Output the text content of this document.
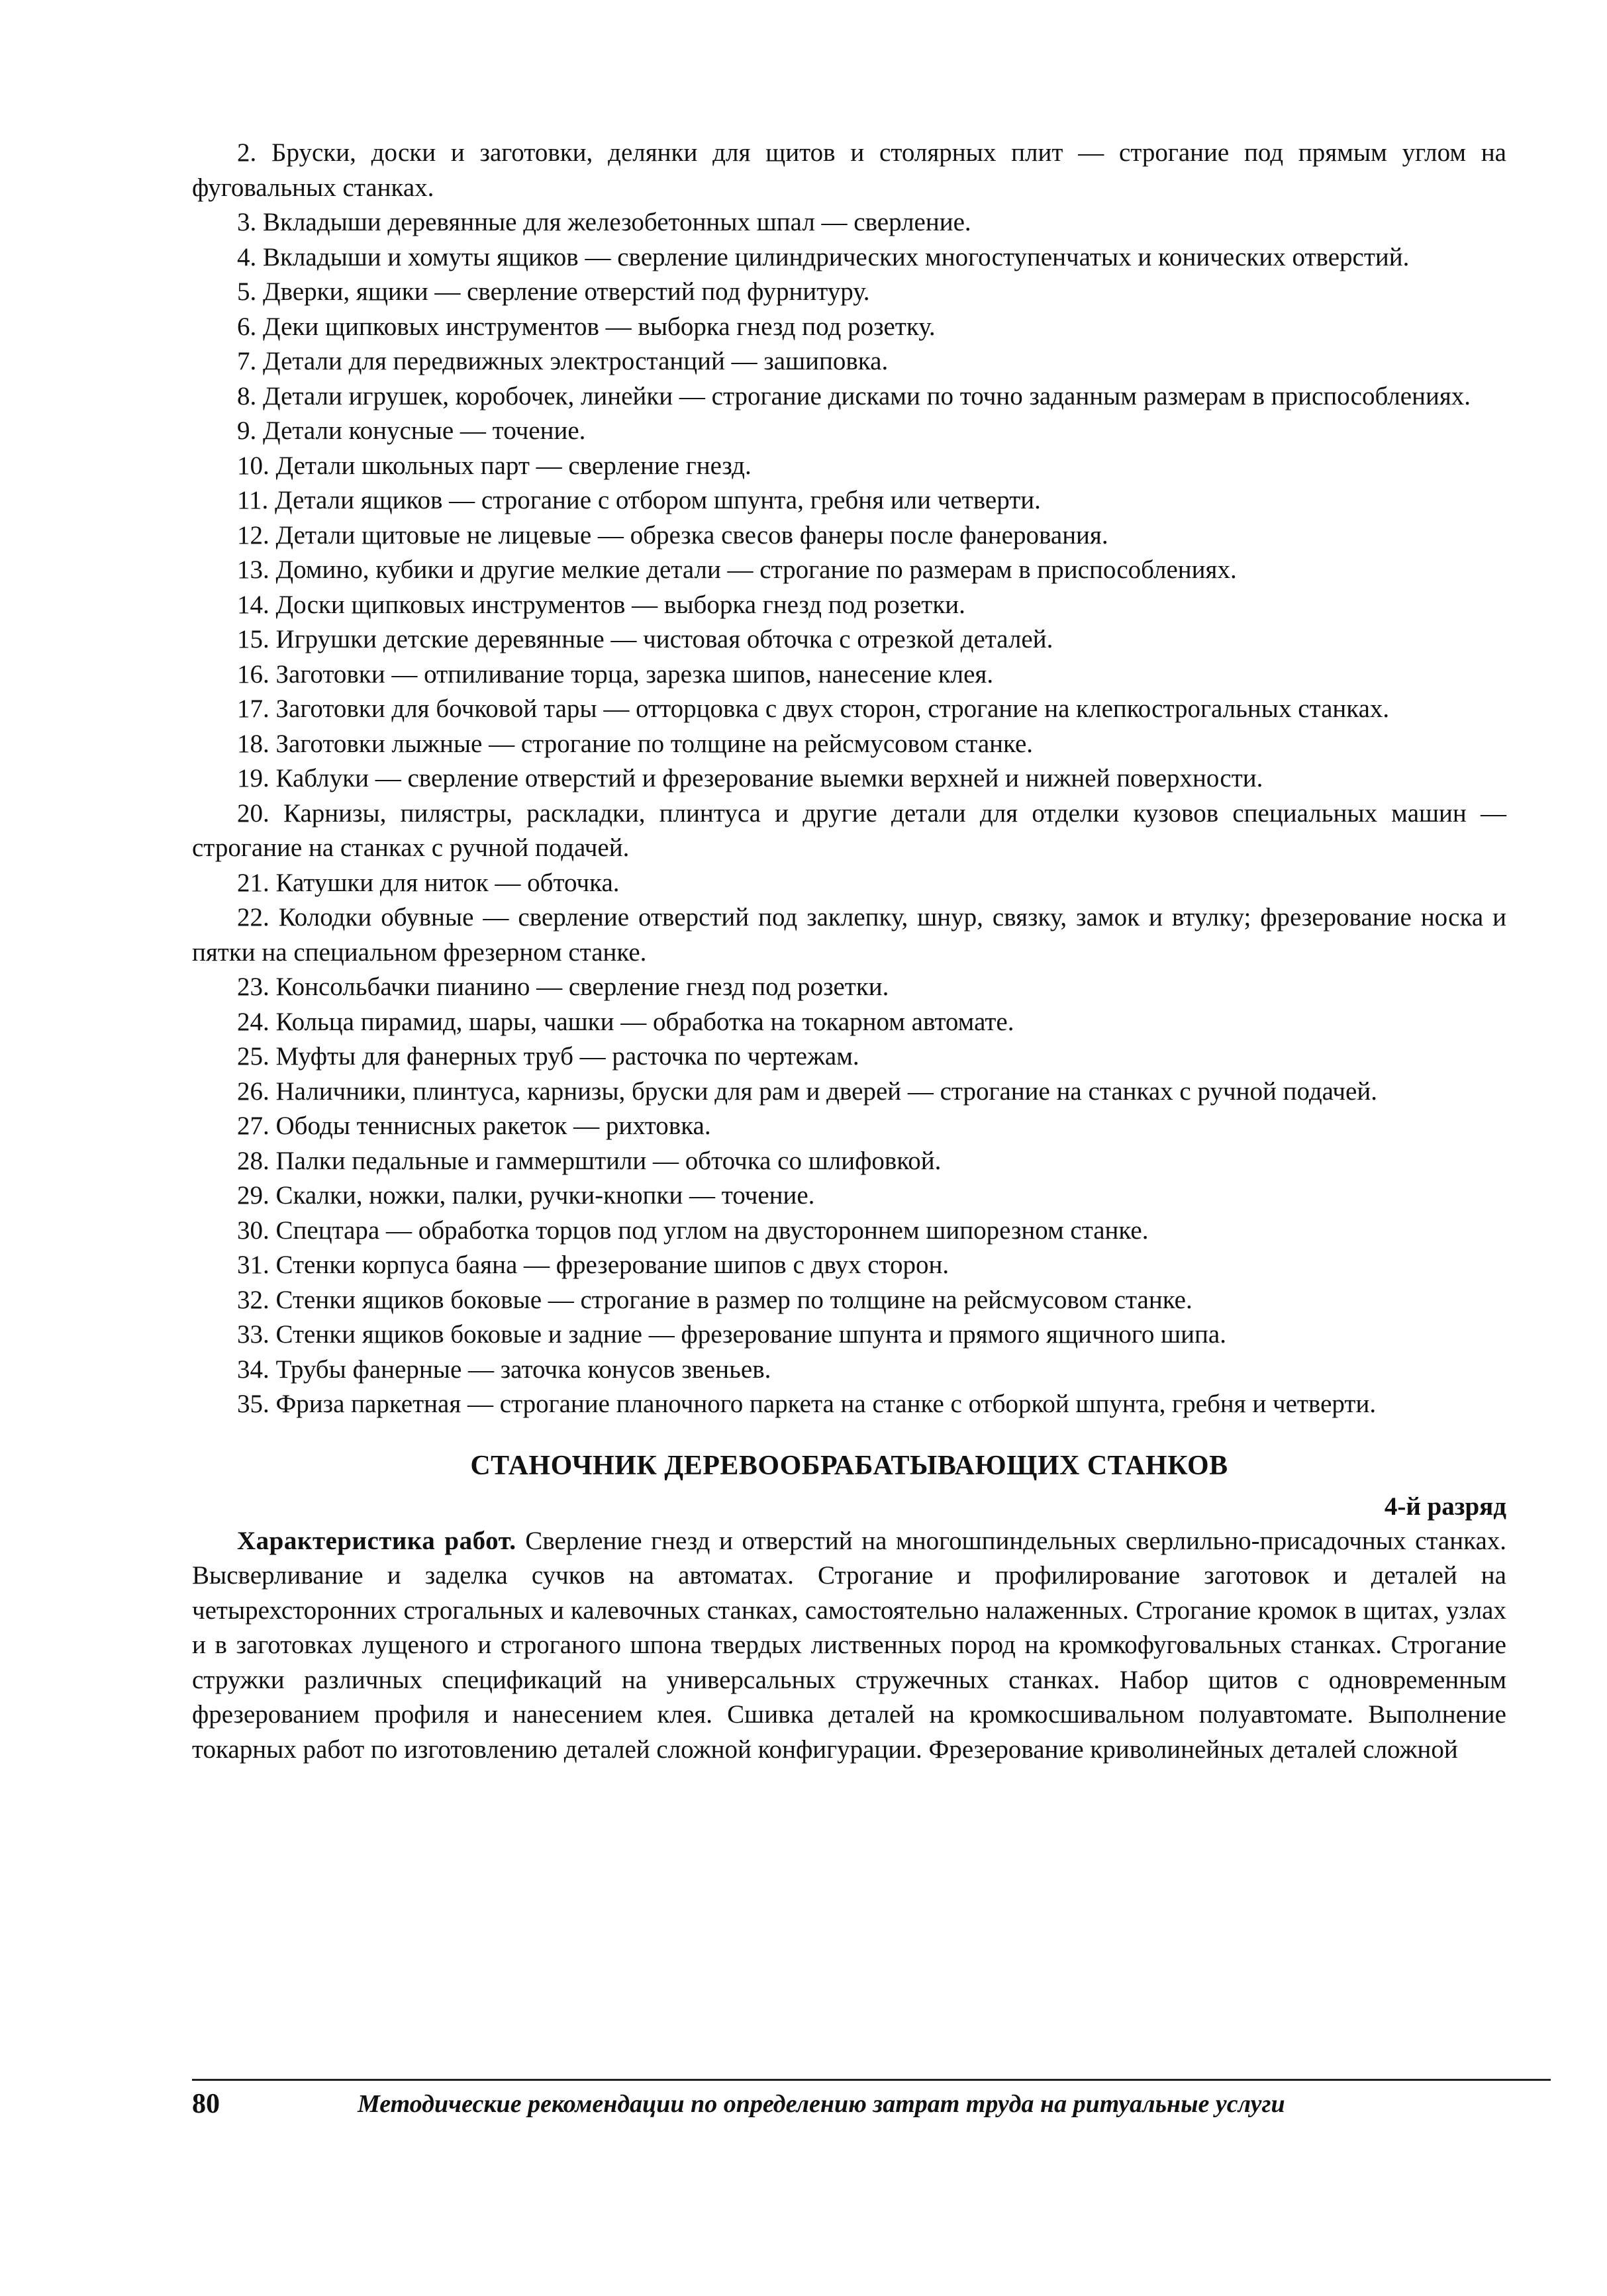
2. Бруски, доски и заготовки, делянки для щитов и столярных плит — строгание под прямым углом на фуговальных станках.

3. Вкладыши деревянные для железобетонных шпал — сверление.

4. Вкладыши и хомуты ящиков — сверление цилиндрических многоступенчатых и конических отверстий.

5. Дверки, ящики — сверление отверстий под фурнитуру.

6. Деки щипковых инструментов — выборка гнезд под розетку.

7. Детали для передвижных электростанций — зашиповка.

8. Детали игрушек, коробочек, линейки — строгание дисками по точно заданным размерам в приспособлениях.

9. Детали конусные — точение.

10. Детали школьных парт — сверление гнезд.

11. Детали ящиков — строгание с отбором шпунта, гребня или четверти.

12. Детали щитовые не лицевые — обрезка свесов фанеры после фанерования.

13. Домино, кубики и другие мелкие детали — строгание по размерам в приспособлениях.

14. Доски щипковых инструментов — выборка гнезд под розетки.

15. Игрушки детские деревянные — чистовая обточка с отрезкой деталей.

16. Заготовки — отпиливание торца, зарезка шипов, нанесение клея.

17. Заготовки для бочковой тары — отторцовка с двух сторон, строгание на клепкострогальных станках.

18. Заготовки лыжные — строгание по толщине на рейсмусовом станке.

19. Каблуки — сверление отверстий и фрезерование выемки верхней и нижней поверхности.

20. Карнизы, пилястры, раскладки, плинтуса и другие детали для отделки кузовов специальных машин — строгание на станках с ручной подачей.

21. Катушки для ниток — обточка.

22. Колодки обувные — сверление отверстий под заклепку, шнур, связку, замок и втулку; фрезерование носка и пятки на специальном фрезерном станке.

23. Консольбачки пианино — сверление гнезд под розетки.

24. Кольца пирамид, шары, чашки — обработка на токарном автомате.

25. Муфты для фанерных труб — расточка по чертежам.

26. Наличники, плинтуса, карнизы, бруски для рам и дверей — строгание на станках с ручной подачей.

27. Ободы теннисных ракеток — рихтовка.

28. Палки педальные и гаммерштили — обточка со шлифовкой.

29. Скалки, ножки, палки, ручки-кнопки — точение.

30. Спецтара — обработка торцов под углом на двустороннем шипорезном станке.

31. Стенки корпуса баяна — фрезерование шипов с двух сторон.

32. Стенки ящиков боковые — строгание в размер по толщине на рейсмусовом станке.

33. Стенки ящиков боковые и задние — фрезерование шпунта и прямого ящичного шипа.

34. Трубы фанерные — заточка конусов звеньев.

35. Фриза паркетная — строгание планочного паркета на станке с отборкой шпунта, гребня и четверти.

СТАНОЧНИК ДЕРЕВООБРАБАТЫВАЮЩИХ СТАНКОВ
4-й разряд

Характеристика работ. Сверление гнезд и отверстий на многошпиндельных сверлильно-присадочных станках. Высверливание и заделка сучков на автоматах. Строгание и профилирование заготовок и деталей на четырехсторонних строгальных и калевочных станках, самостоятельно налаженных. Строгание кромок в щитах, узлах и в заготовках лущеного и строганого шпона твердых лиственных пород на кромкофуговальных станках. Строгание стружки различных спецификаций на универсальных стружечных станках. Набор щитов с одновременным фрезерованием профиля и нанесением клея. Сшивка деталей на кромкосшивальном полуавтомате. Выполнение токарных работ по изготовлению деталей сложной конфигурации. Фрезерование криволинейных деталей сложной

80	Методические рекомендации по определению затрат труда на ритуальные услуги
